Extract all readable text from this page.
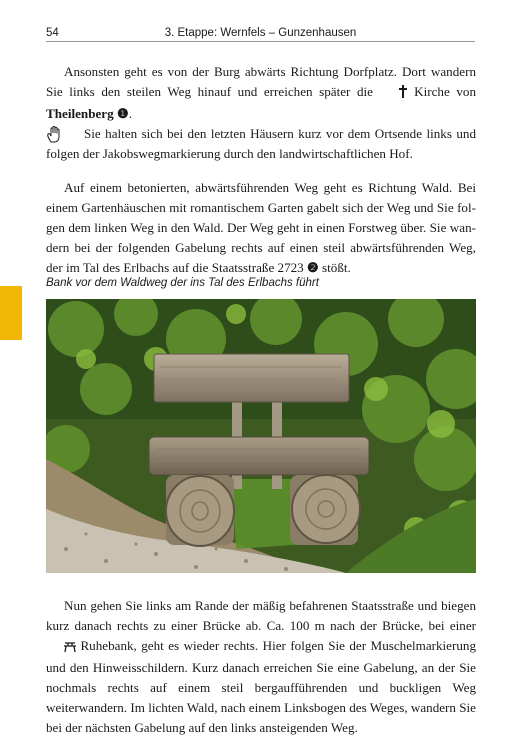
54	3. Etappe: Wernfels – Gunzenhausen

Ansonsten geht es von der Burg abwärts Richtung Dorfplatz. Dort wandern Sie links den steilen Weg hinauf und erreichen später die  Kirche von Theilenberg ❶.

Sie halten sich bei den letzten Häusern kurz vor dem Ortsende links und folgen der Jakobswegmarkierung durch den landwirtschaftlichen Hof.

Auf einem betonierten, abwärtsführenden Weg geht es Richtung Wald. Bei einem Gartenhäuschen mit romantischem Garten gabelt sich der Weg und Sie folgen dem linken Weg in den Wald. Der Weg geht in einen Forstweg über. Sie wandern bei der folgenden Gabelung rechts auf einen steil abwärtsführenden Weg, der im Tal des Erlbachs auf die Staatsstraße 2723 ❷ stößt.

Bank vor dem Waldweg der ins Tal des Erlbachs führt

Nun gehen Sie links am Rande der mäßig befahrenen Staatsstraße und biegen kurz danach rechts zu einer Brücke ab. Ca. 100 m nach der Brücke, bei einer  Ruhebank, geht es wieder rechts. Hier folgen Sie der Muschelmarkierung und den Hinweisschildern. Kurz danach erreichen Sie eine Gabelung, an der Sie nochmals rechts auf einem steil bergaufführenden und buckligen Weg weiterwandern. Im lichten Wald, nach einem Linksbogen des Weges, wandern Sie bei der nächsten Gabelung auf den links ansteigenden Weg.
